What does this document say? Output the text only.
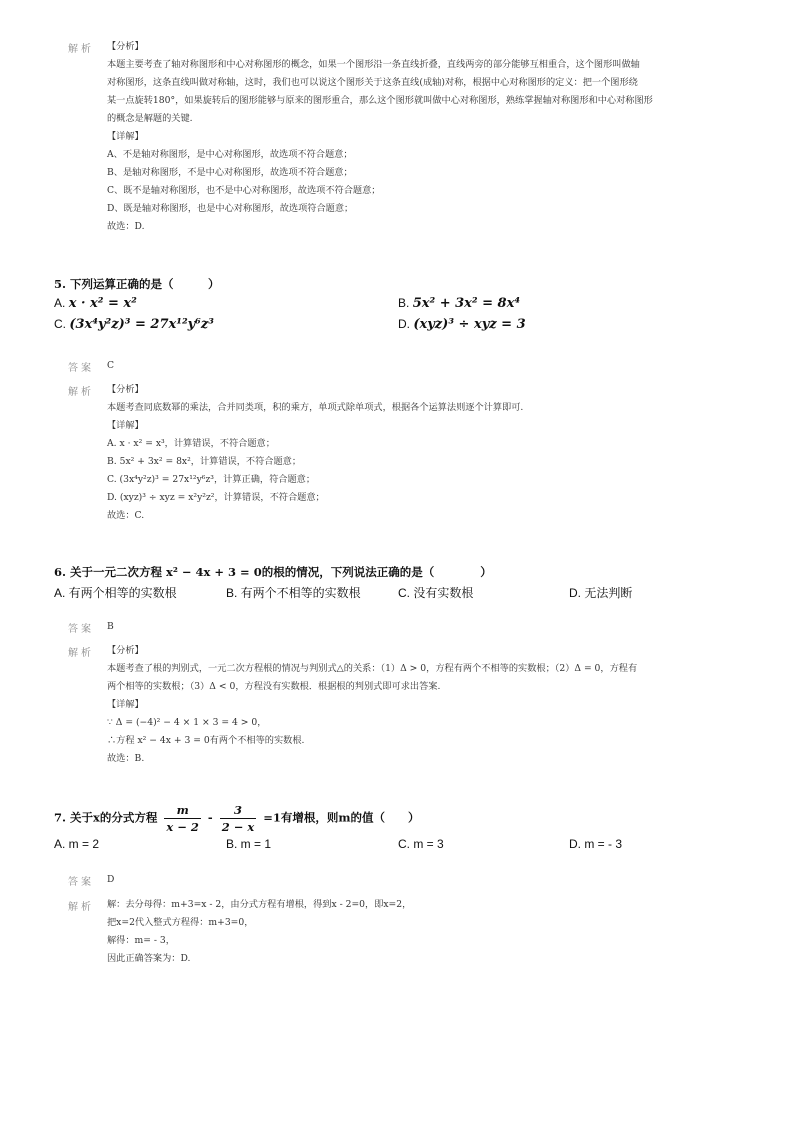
解析 【分析】
本题主要考查了轴对称图形和中心对称图形的概念，如果一个图形沿一条直线折叠，直线两旁的部分能够互相重合，这个图形叫做轴
对称图形，这条直线叫做对称轴，这时，我们也可以说这个图形关于这条直线(成轴)对称，根据中心对称图形的定义：把一个图形绕
某一点旋转180°，如果旋转后的图形能够与原来的图形重合，那么这个图形就叫做中心对称图形，熟练掌握轴对称图形和中心对称图形
的概念是解题的关键.
【详解】
A、不是轴对称图形，是中心对称图形，故选项不符合题意；
B、是轴对称图形，不是中心对称图形，故选项不符合题意；
C、既不是轴对称图形，也不是中心对称图形，故选项不符合题意；
D、既是轴对称图形，也是中心对称图形，故选项符合题意；
故选：D.
5. 下列运算正确的是（　　　）
A. x · x² = x²	B. 5x² + 3x² = 8x⁴
C. (3x⁴y²z)³ = 27x¹²y⁶z³	D. (xyz)³ ÷ xyz = 3
答案 C
解析 【分析】
本题考查同底数幂的乘法，合并同类项，积的乘方，单项式除单项式，根据各个运算法则逐个计算即可.
【详解】
A. x · x² = x³，计算错误，不符合题意；
B. 5x² + 3x² = 8x²，计算错误，不符合题意；
C. (3x⁴y²z)³ = 27x¹²y⁶z³，计算正确，符合题意；
D. (xyz)³ ÷ xyz = x²y²z²，计算错误，不符合题意；
故选：C.
6. 关于一元二次方程 x² − 4x + 3 = 0的根的情况，下列说法正确的是（　　　　）
A. 有两个相等的实数根	B. 有两个不相等的实数根	C. 没有实数根	D. 无法判断
答案 B
解析 【分析】
本题考查了根的判别式，一元二次方程根的情况与判别式△的关系：（1）Δ > 0，方程有两个不相等的实数根；（2）Δ = 0，方程有
两个相等的实数根；（3）Δ < 0，方程没有实数根．根据根的判别式即可求出答案.
【详解】
∵ Δ = (−4)² − 4 × 1 × 3 = 4 > 0，
∴方程 x² − 4x + 3 = 0有两个不相等的实数根.
故选：B.
7. 关于x的分式方程 $\frac{m}{x - 2} - \frac{3}{2 - x} =1$有增根，则m的值（　　）
A. m = 2	B. m = 1	C. m = 3	D. m = - 3
答案 D
解析 解：去分母得：m+3=x - 2，由分式方程有增根，得到x - 2=0，即x=2，
把x=2代入整式方程得：m+3=0，
解得：m= - 3，
因此正确答案为：D.
